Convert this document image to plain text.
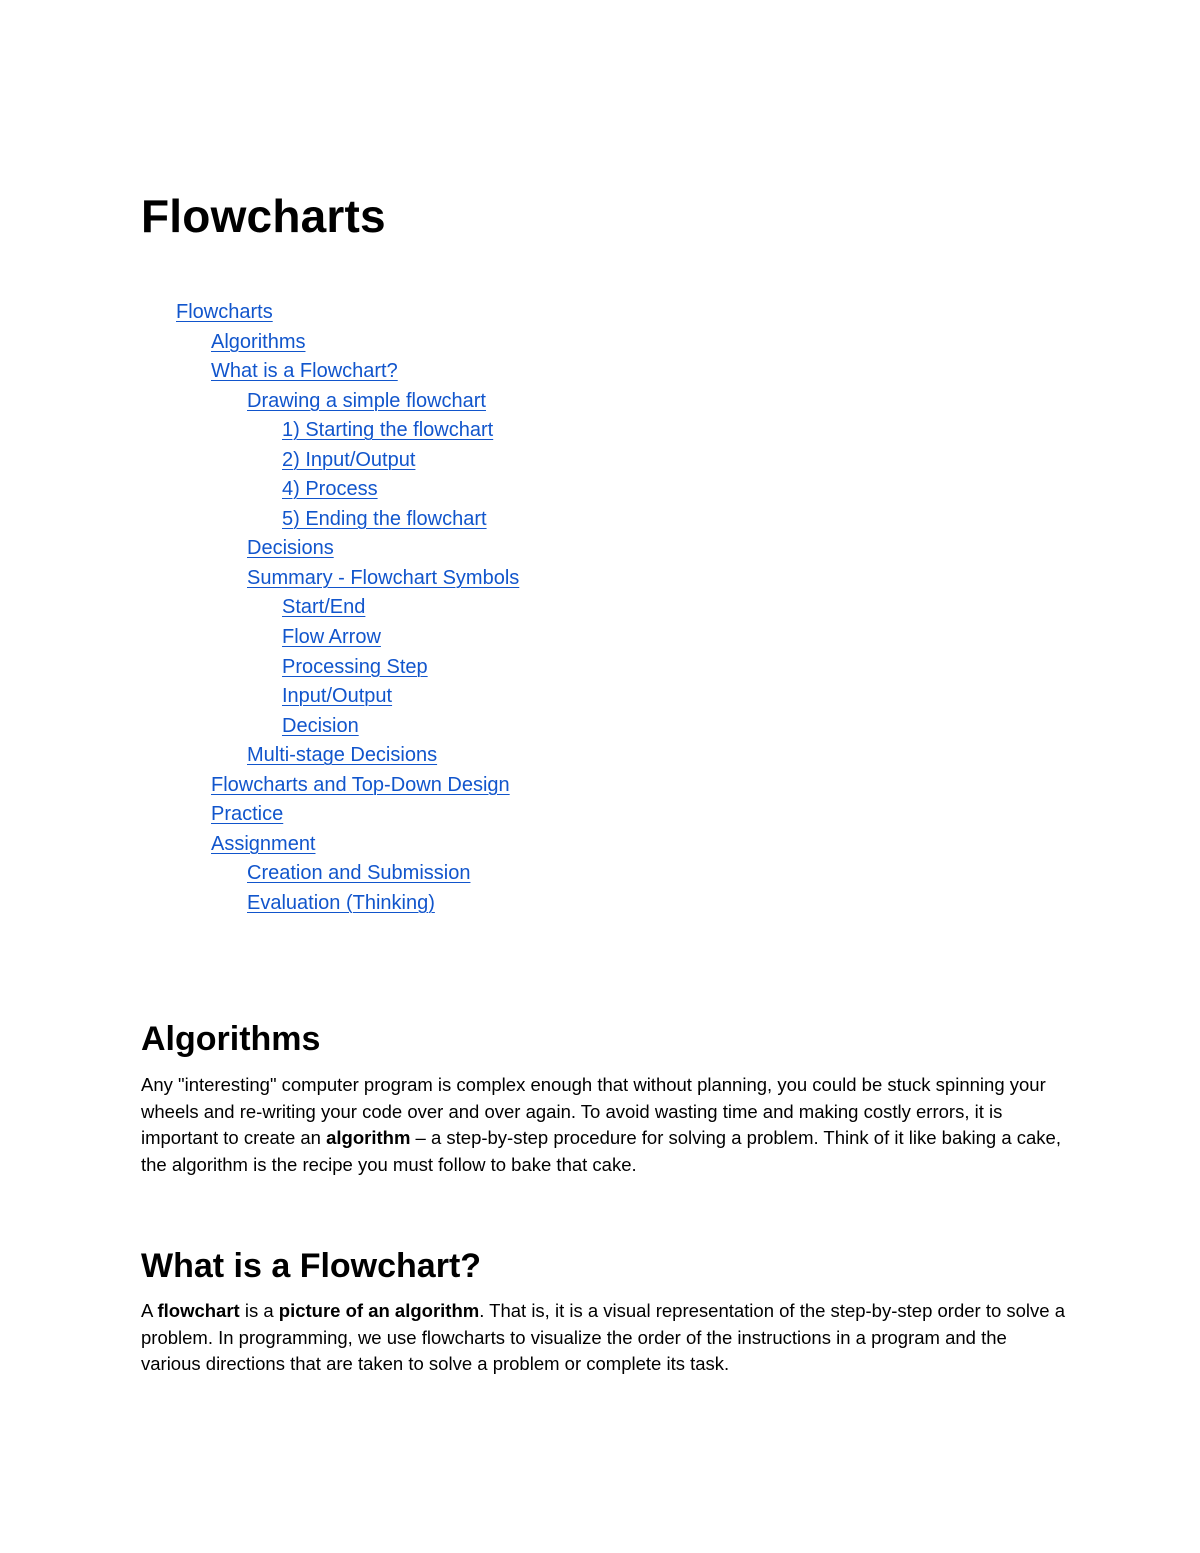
Flowcharts
Flowcharts
Algorithms
What is a Flowchart?
Drawing a simple flowchart
1) Starting the flowchart
2) Input/Output
4) Process
5) Ending the flowchart
Decisions
Summary - Flowchart Symbols
Start/End
Flow Arrow
Processing Step
Input/Output
Decision
Multi-stage Decisions
Flowcharts and Top-Down Design
Practice
Assignment
Creation and Submission
Evaluation (Thinking)
Algorithms

Any "interesting" computer program is complex enough that without planning, you could be stuck spinning your wheels and re-writing your code over and over again. To avoid wasting time and making costly errors, it is important to create an algorithm – a step-by-step procedure for solving a problem. Think of it like baking a cake, the algorithm is the recipe you must follow to bake that cake.

What is a Flowchart?

A flowchart is a picture of an algorithm. That is, it is a visual representation of the step-by-step order to solve a problem. In programming, we use flowcharts to visualize the order of the instructions in a program and the various directions that are taken to solve a problem or complete its task.
